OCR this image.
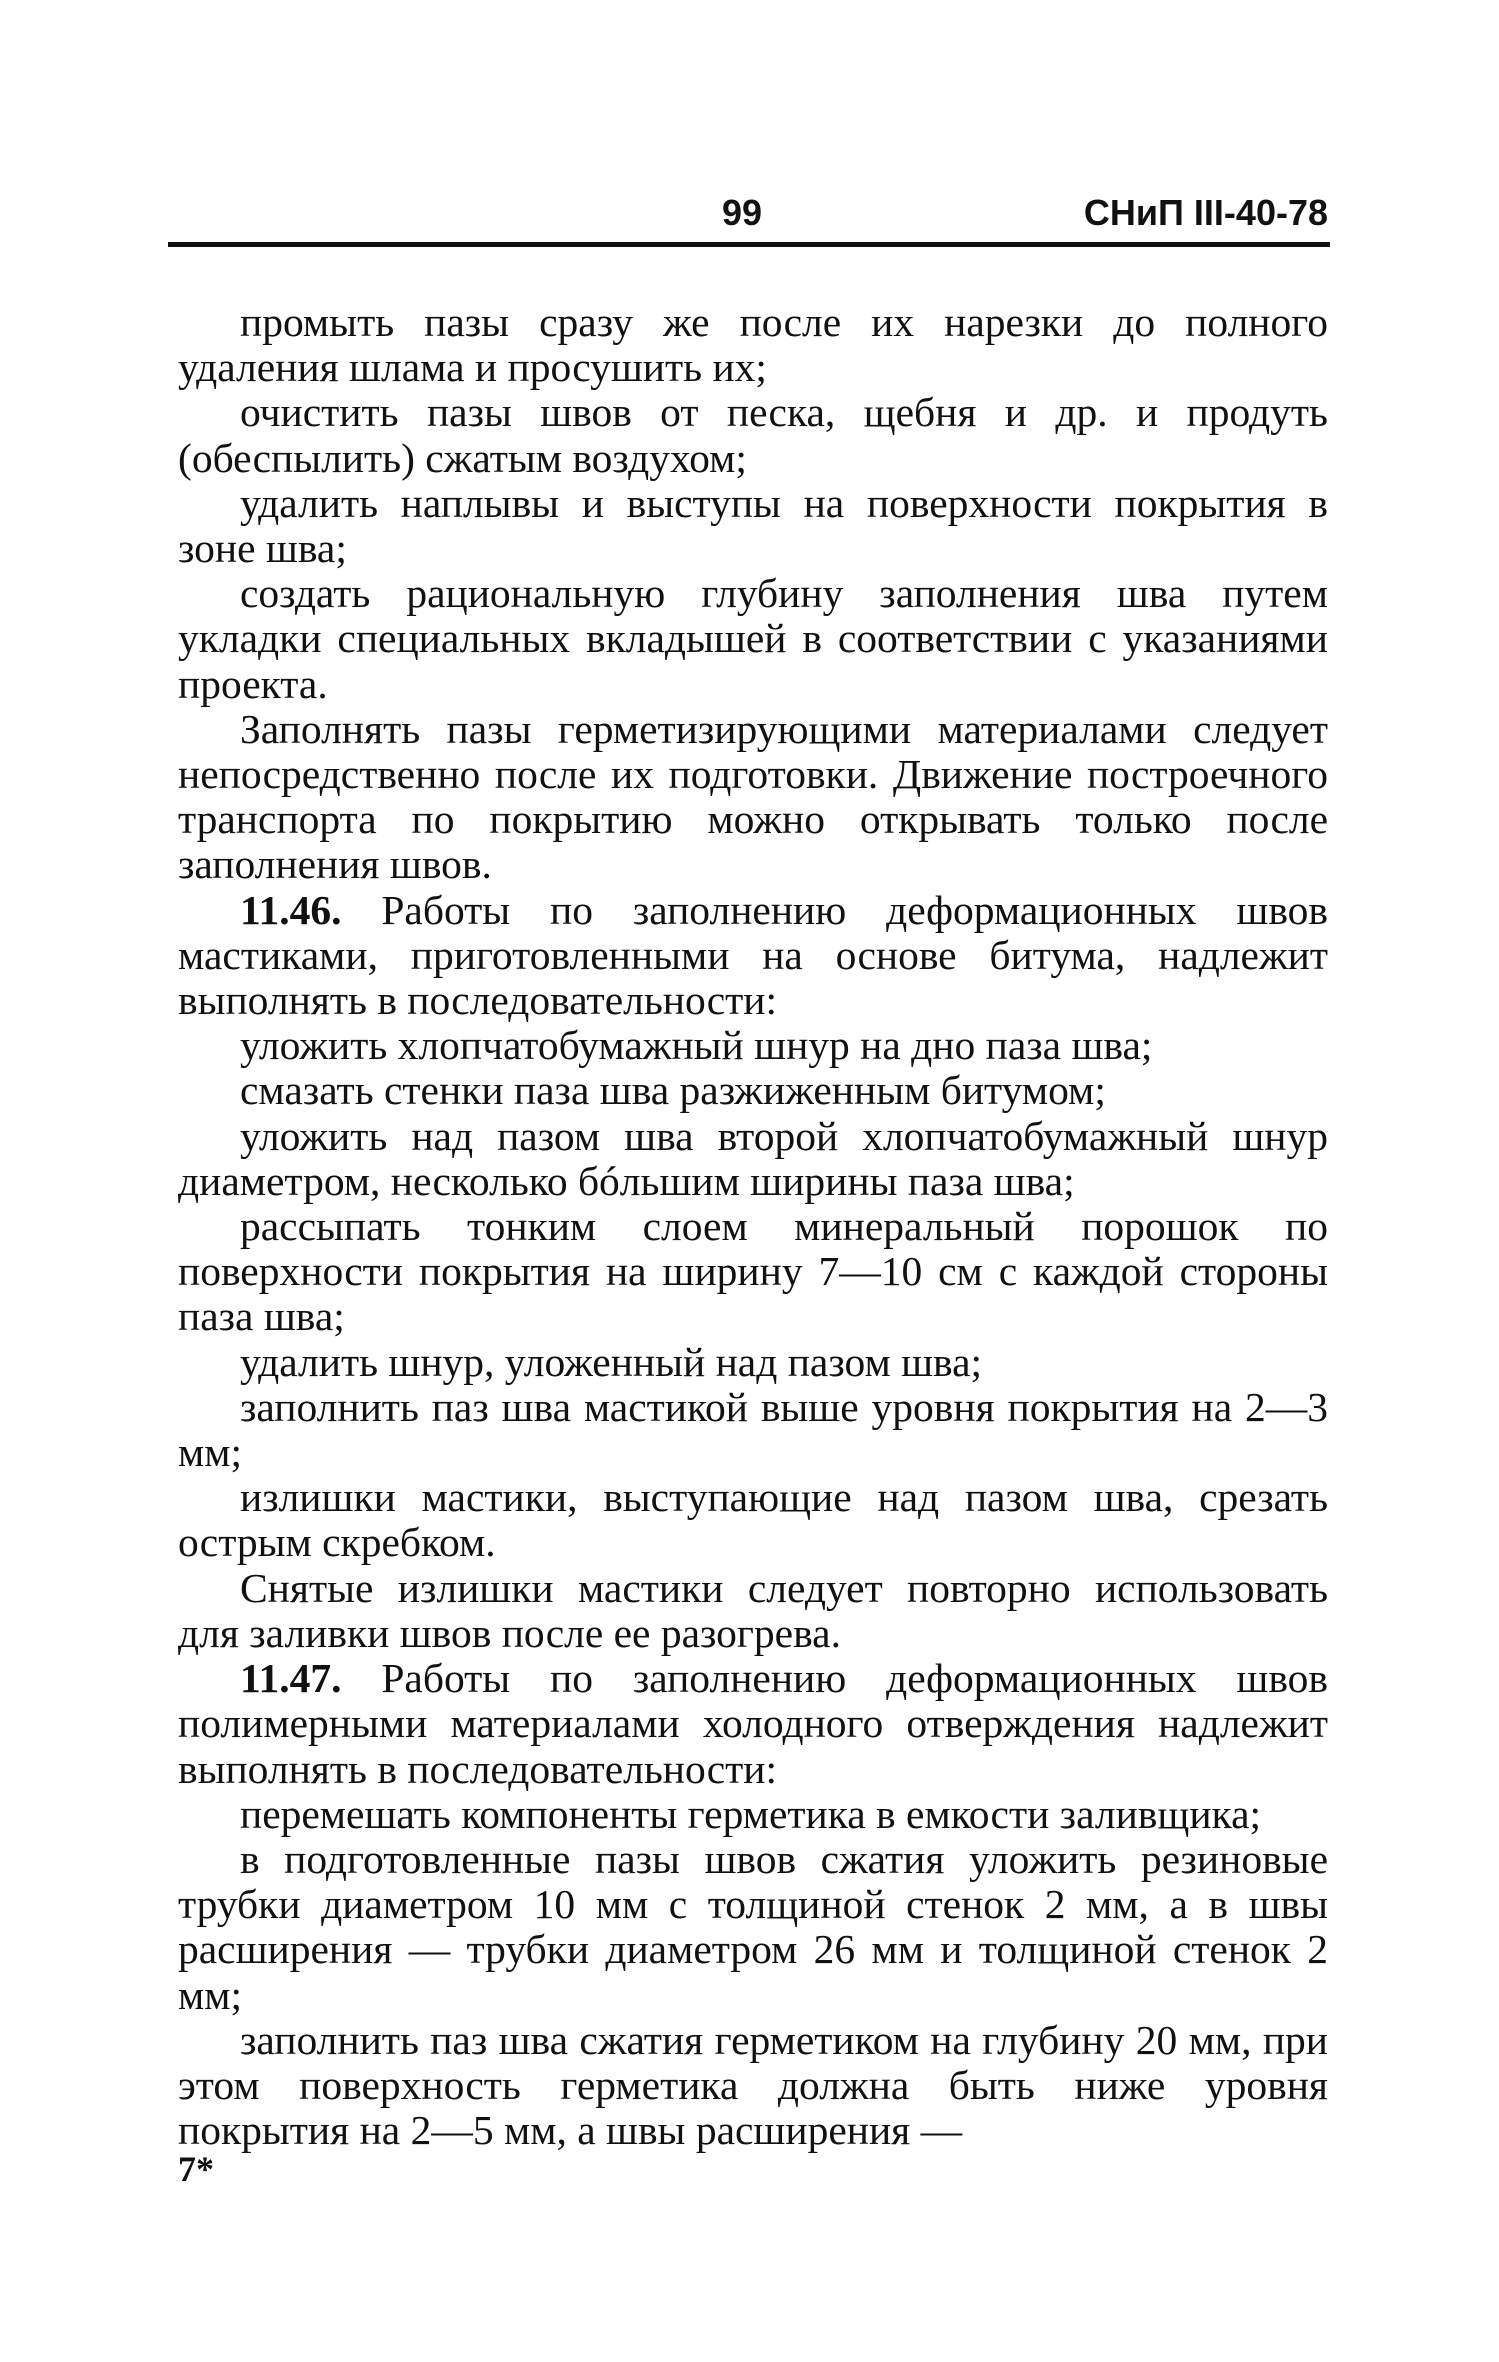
99	СНиП III-40-78

промыть пазы сразу же после их нарезки до полного удаления шлама и просушить их;

очистить пазы швов от песка, щебня и др. и продуть (обеспылить) сжатым воздухом;

удалить наплывы и выступы на поверхности покрытия в зоне шва;

создать рациональную глубину заполнения шва путем укладки специальных вкладышей в соответствии с указаниями проекта.

Заполнять пазы герметизирующими материалами следует непосредственно после их подготовки. Движение построечного транспорта по покрытию можно открывать только после заполнения швов.

11.46. Работы по заполнению деформационных швов мастиками, приготовленными на основе битума, надлежит выполнять в последовательности:

уложить хлопчатобумажный шнур на дно паза шва;

смазать стенки паза шва разжиженным битумом;

уложить над пазом шва второй хлопчатобумажный шнур диаметром, несколько бóльшим ширины паза шва;

рассыпать тонким слоем минеральный порошок по поверхности покрытия на ширину 7—10 см с каждой стороны паза шва;

удалить шнур, уложенный над пазом шва;

заполнить паз шва мастикой выше уровня покрытия на 2—3 мм;

излишки мастики, выступающие над пазом шва, срезать острым скребком.

Снятые излишки мастики следует повторно использовать для заливки швов после ее разогрева.

11.47. Работы по заполнению деформационных швов полимерными материалами холодного отверждения надлежит выполнять в последовательности:

перемешать компоненты герметика в емкости заливщика;

в подготовленные пазы швов сжатия уложить резиновые трубки диаметром 10 мм с толщиной стенок 2 мм, а в швы расширения — трубки диаметром 26 мм и толщиной стенок 2 мм;

заполнить паз шва сжатия герметиком на глубину 20 мм, при этом поверхность герметика должна быть ниже уровня покрытия на 2—5 мм, а швы расширения —

7*
